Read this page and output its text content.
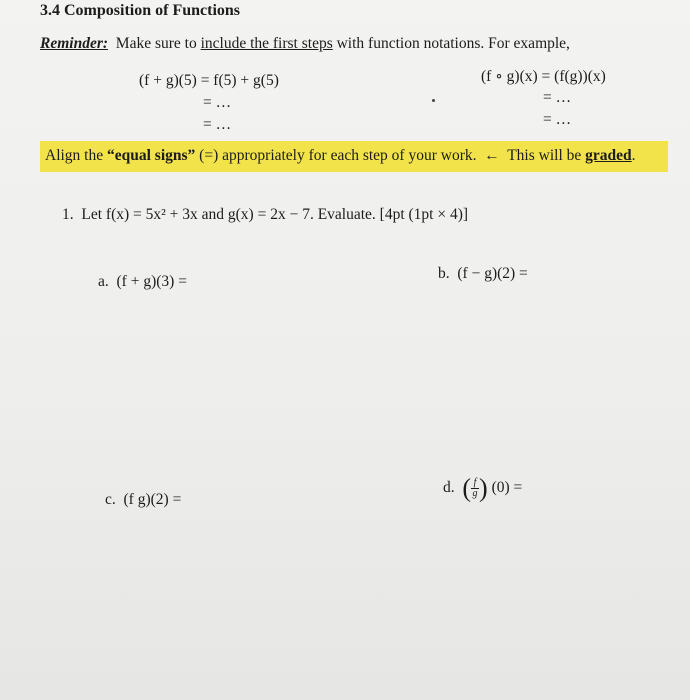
3.4 Composition of Functions
Reminder: Make sure to include the first steps with function notations. For example,
(f + g)(5) = f(5) + g(5)
= …
= …
(f ∘ g)(x) = (f(g))(x)
= …
= …
Align the “equal signs” (=) appropriately for each step of your work. ← This will be graded.
1. Let f(x) = 5x² + 3x and g(x) = 2x − 7. Evaluate. [4pt (1pt × 4)]
a. (f + g)(3) =	b. (f − g)(2) =
c. (f g)(2) =
d. ( $\frac{f}{g}$ ) (0) =
